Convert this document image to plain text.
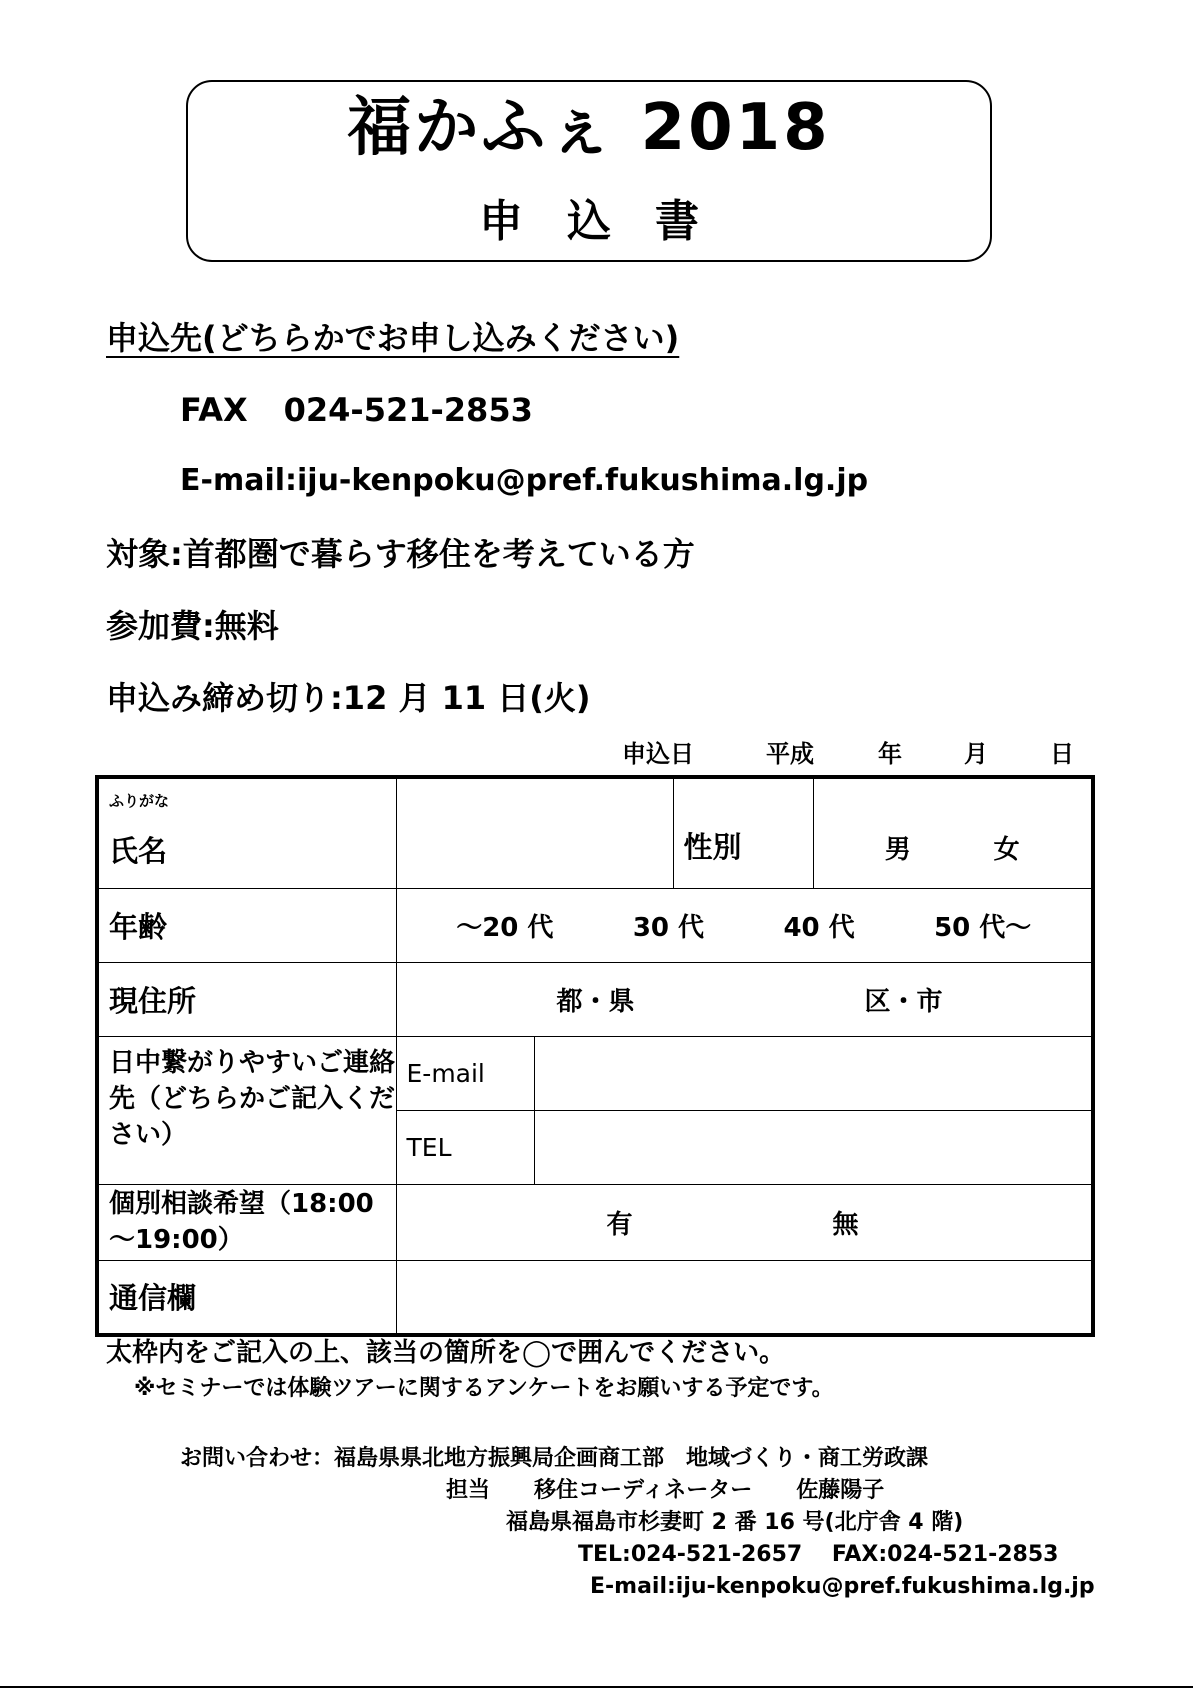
福かふぇ 2018
申　込　書
申込先(どちらかでお申し込みください)
FAX 024-521-2853
E-mail:iju-kenpoku@pref.fukushima.lg.jp
対象:首都圏で暮らす移住を考えている方
参加費:無料
申込み締め切り:12 月 11 日(火)
申込日	平成	年	月	日
ふりがな
氏名			性別	男 女

年齢	～20 代 30 代 40 代 50 代～			

現住所	都・県 区・市			

日中繋がりやすいご連絡先（どちらかご記入ください）	E-mail			
	TEL			
個別相談希望（18:00～19:00）	有 無			

通信欄				
太枠内をご記入の上、該当の箇所を◯で囲んでください。
※セミナーでは体験ツアーに関するアンケートをお願いする予定です。
お問い合わせ：福島県県北地方振興局企画商工部　地域づくり・商工労政課
担当　　移住コーディネーター　　佐藤陽子
福島県福島市杉妻町 2 番 16 号(北庁舎 4 階)
TEL:024-521-2657　 FAX:024-521-2853
E-mail:iju-kenpoku@pref.fukushima.lg.jp
